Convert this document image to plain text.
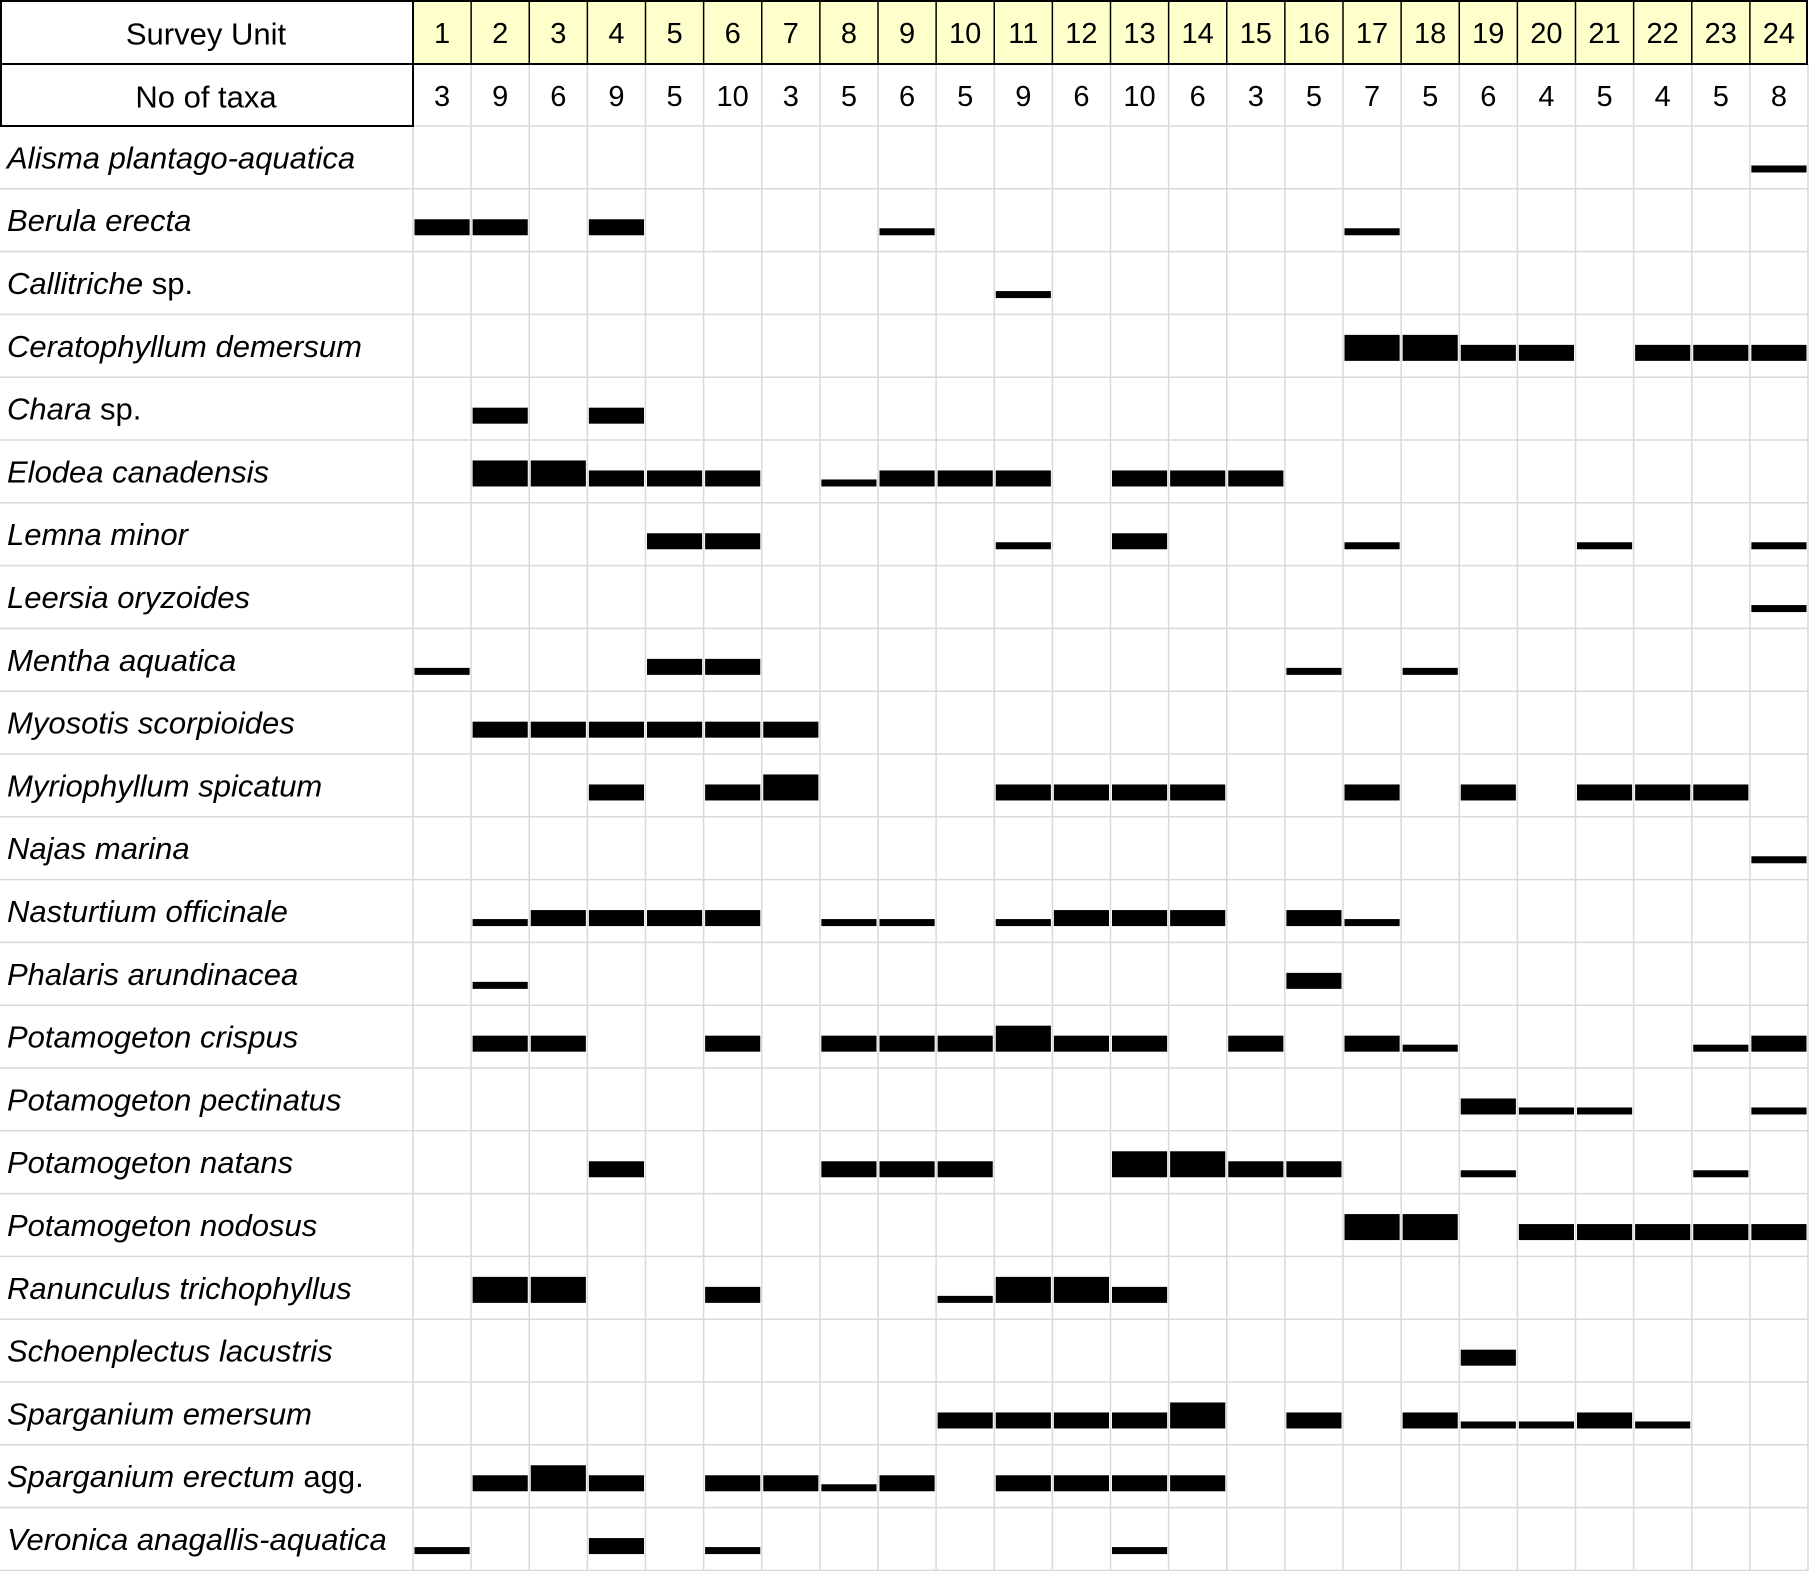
Survey Unit
No of taxa
1
3
2
9
3
6
4
9
5
5
6
10
7
3
8
5
9
6
10
5
11
9
12
6
13
10
14
6
15
3
16
5
17
7
18
5
19
6
20
4
21
5
22
4
23
5
24
8
Alisma plantago-aquatica
Berula erecta
Callitriche sp.
Ceratophyllum demersum
Chara sp.
Elodea canadensis
Lemna minor
Leersia oryzoides
Mentha aquatica
Myosotis scorpioides
Myriophyllum spicatum
Najas marina
Nasturtium officinale
Phalaris arundinacea
Potamogeton crispus
Potamogeton pectinatus
Potamogeton natans
Potamogeton nodosus
Ranunculus trichophyllus
Schoenplectus lacustris
Sparganium emersum
Sparganium erectum agg.
Veronica anagallis-aquatica
